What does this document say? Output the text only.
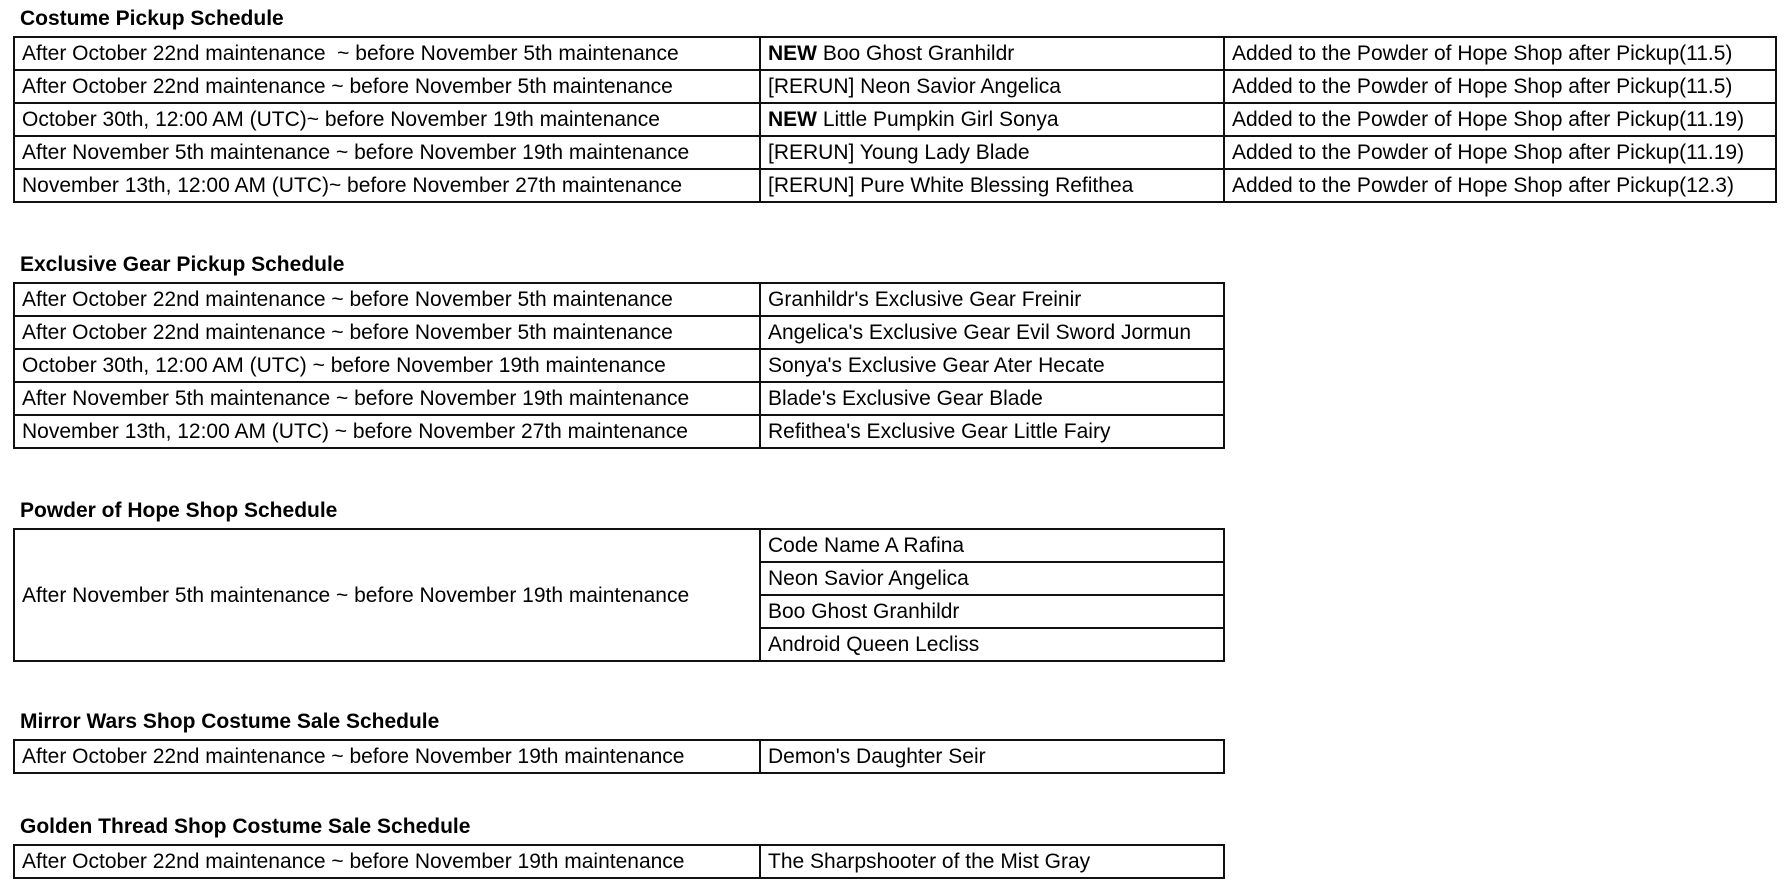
Costume Pickup Schedule
After October 22nd maintenance  ~ before November 5th maintenance	NEW Boo Ghost Granhildr	Added to the Powder of Hope Shop after Pickup(11.5)
After October 22nd maintenance ~ before November 5th maintenance	[RERUN] Neon Savior Angelica	Added to the Powder of Hope Shop after Pickup(11.5)
October 30th, 12:00 AM (UTC)~ before November 19th maintenance	NEW Little Pumpkin Girl Sonya	Added to the Powder of Hope Shop after Pickup(11.19)
After November 5th maintenance ~ before November 19th maintenance	[RERUN] Young Lady Blade	Added to the Powder of Hope Shop after Pickup(11.19)
November 13th, 12:00 AM (UTC)~ before November 27th maintenance	[RERUN] Pure White Blessing Refithea	Added to the Powder of Hope Shop after Pickup(12.3)
Exclusive Gear Pickup Schedule
After October 22nd maintenance ~ before November 5th maintenance	Granhildr's Exclusive Gear Freinir
After October 22nd maintenance ~ before November 5th maintenance	Angelica's Exclusive Gear Evil Sword Jormun
October 30th, 12:00 AM (UTC) ~ before November 19th maintenance	Sonya's Exclusive Gear Ater Hecate
After November 5th maintenance ~ before November 19th maintenance	Blade's Exclusive Gear Blade
November 13th, 12:00 AM (UTC) ~ before November 27th maintenance	Refithea's Exclusive Gear Little Fairy
Powder of Hope Shop Schedule
After November 5th maintenance ~ before November 19th maintenance	Code Name A Rafina
Neon Savior Angelica
Boo Ghost Granhildr
Android Queen Lecliss
Mirror Wars Shop Costume Sale Schedule
After October 22nd maintenance ~ before November 19th maintenance	Demon's Daughter Seir
Golden Thread Shop Costume Sale Schedule
After October 22nd maintenance ~ before November 19th maintenance	The Sharpshooter of the Mist Gray
